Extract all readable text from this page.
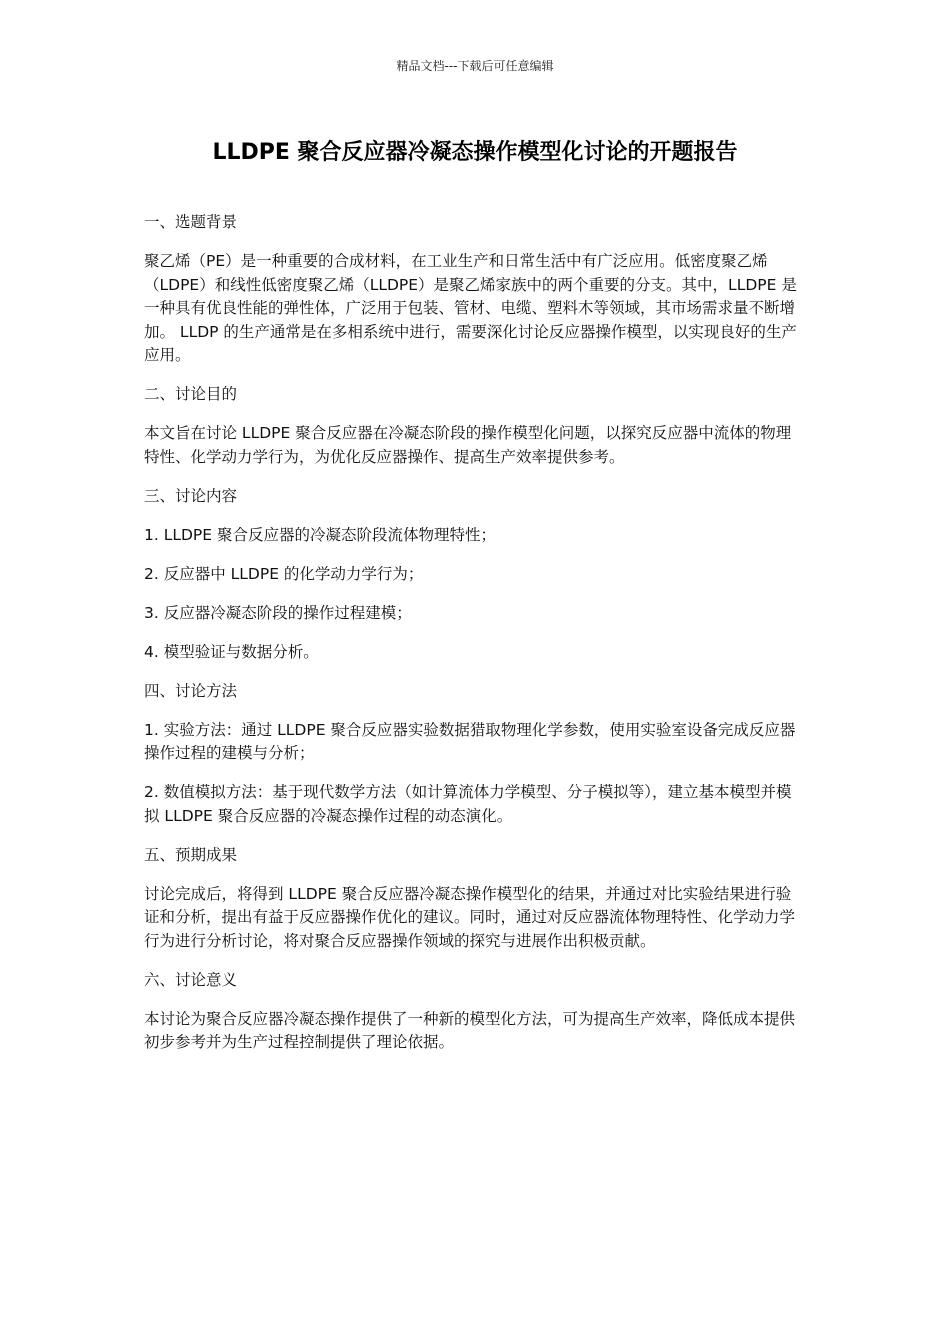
精品文档---下载后可任意编辑
LLDPE 聚合反应器冷凝态操作模型化讨论的开题报告

一、选题背景

聚乙烯（PE）是一种重要的合成材料，在工业生产和日常生活中有广泛应用。低密度聚乙烯（LDPE）和线性低密度聚乙烯（LLDPE）是聚乙烯家族中的两个重要的分支。其中，LLDPE 是一种具有优良性能的弹性体，广泛用于包装、管材、电缆、塑料木等领域，其市场需求量不断增加。 LLDP 的生产通常是在多相系统中进行，需要深化讨论反应器操作模型，以实现良好的生产应用。

二、讨论目的

本文旨在讨论 LLDPE 聚合反应器在冷凝态阶段的操作模型化问题，以探究反应器中流体的物理特性、化学动力学行为，为优化反应器操作、提高生产效率提供参考。

三、讨论内容

1. LLDPE 聚合反应器的冷凝态阶段流体物理特性；

2. 反应器中 LLDPE 的化学动力学行为；

3. 反应器冷凝态阶段的操作过程建模；

4. 模型验证与数据分析。

四、讨论方法

1. 实验方法：通过 LLDPE 聚合反应器实验数据猎取物理化学参数，使用实验室设备完成反应器操作过程的建模与分析；

2. 数值模拟方法：基于现代数学方法（如计算流体力学模型、分子模拟等），建立基本模型并模拟 LLDPE 聚合反应器的冷凝态操作过程的动态演化。

五、预期成果

讨论完成后，将得到 LLDPE 聚合反应器冷凝态操作模型化的结果，并通过对比实验结果进行验证和分析，提出有益于反应器操作优化的建议。同时，通过对反应器流体物理特性、化学动力学行为进行分析讨论，将对聚合反应器操作领域的探究与进展作出积极贡献。

六、讨论意义

本讨论为聚合反应器冷凝态操作提供了一种新的模型化方法，可为提高生产效率，降低成本提供初步参考并为生产过程控制提供了理论依据。
